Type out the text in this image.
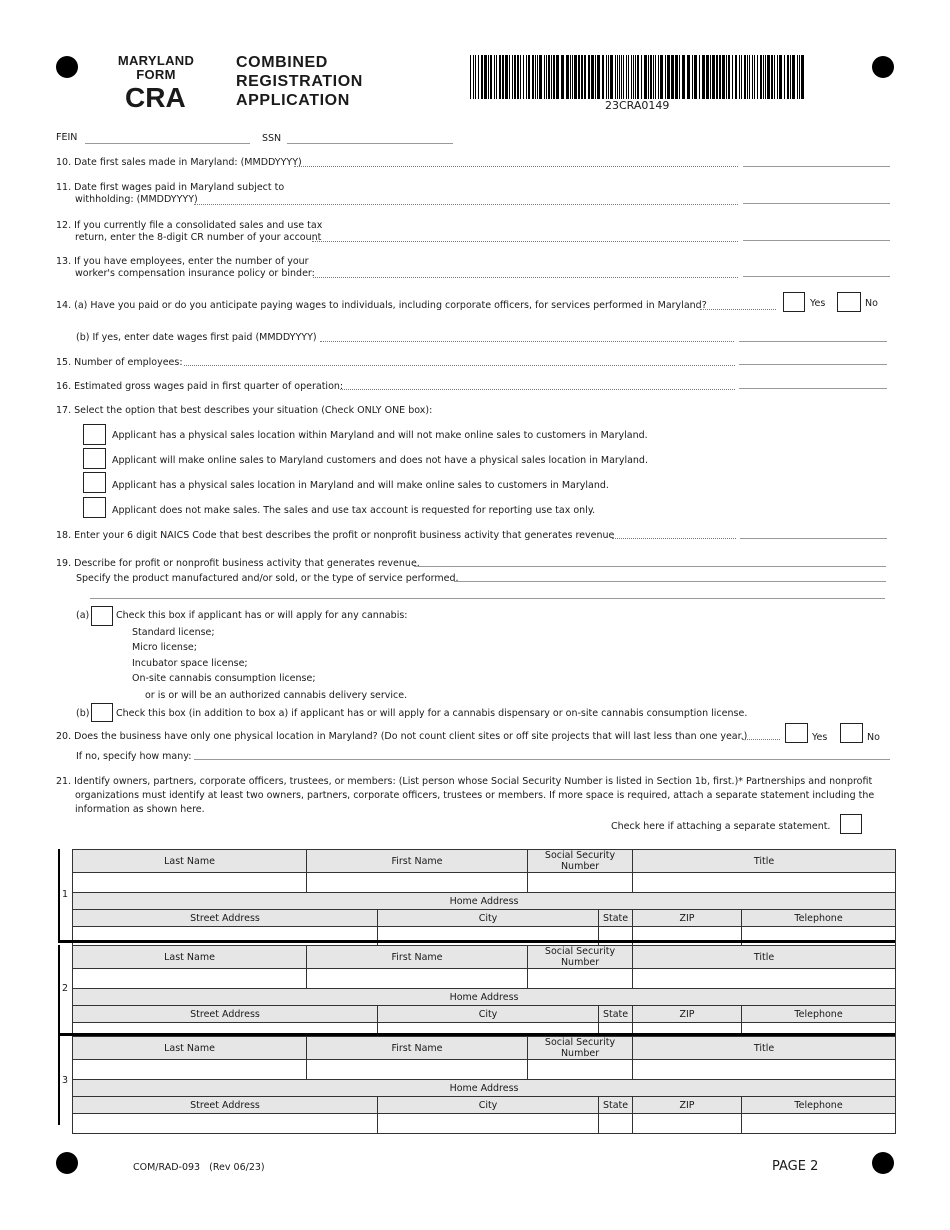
MARYLAND
FORM
CRA
COMBINED
REGISTRATION
APPLICATION	23CRA0149
FEIN	SSN
10. Date first sales made in Maryland: (MMDDYYYY)
11. Date first wages paid in Maryland subject to
withholding: (MMDDYYYY)
12. If you currently file a consolidated sales and use tax
return, enter the 8-digit CR number of your account
13. If you have employees, enter the number of your
worker's compensation insurance policy or binder:
14. (a) Have you paid or do you anticipate paying wages to individuals, including corporate officers, for services performed in Maryland?	Yes	No
(b) If yes, enter date wages first paid (MMDDYYYY)
15. Number of employees:
16. Estimated gross wages paid in first quarter of operation:
17. Select the option that best describes your situation (Check ONLY ONE box):
Applicant has a physical sales location within Maryland and will not make online sales to customers in Maryland.
Applicant will make online sales to Maryland customers and does not have a physical sales location in Maryland.
Applicant has a physical sales location in Maryland and will make online sales to customers in Maryland.
Applicant does not make sales. The sales and use tax account is requested for reporting use tax only.
18. Enter your 6 digit NAICS Code that best describes the profit or nonprofit business activity that generates revenue
19. Describe for profit or nonprofit business activity that generates revenue.
Specify the product manufactured and/or sold, or the type of service performed.
(a)	Check this box if applicant has or will apply for any cannabis:
Standard license;
Micro license;
Incubator space license;
On-site cannabis consumption license;
or is or will be an authorized cannabis delivery service.
(b)	Check this box (in addition to box a) if applicant has or will apply for a cannabis dispensary or on-site cannabis consumption license.
20. Does the business have only one physical location in Maryland? (Do not count client sites or off site projects that will last less than one year.)	Yes	No
If no, specify how many:
21. Identify owners, partners, corporate officers, trustees, or members: (List person whose Social Security Number is listed in Section 1b, first.)* Partnerships and nonprofit
organizations must identify at least two owners, partners, corporate officers, trustees or members. If more space is required, attach a separate statement including the
information as shown here.
Check here if attaching a separate statement.
1
Last Name	First Name		Social Security Number		Title	

Home Address						
Street Address		City		State	ZIP	Telephone

2
Last Name	First Name		Social Security Number		Title	

Home Address						
Street Address		City		State	ZIP	Telephone

3
Last Name	First Name		Social Security Number		Title	

Home Address						
Street Address		City		State	ZIP	Telephone

COM/RAD-093 (Rev 06/23)	PAGE 2
